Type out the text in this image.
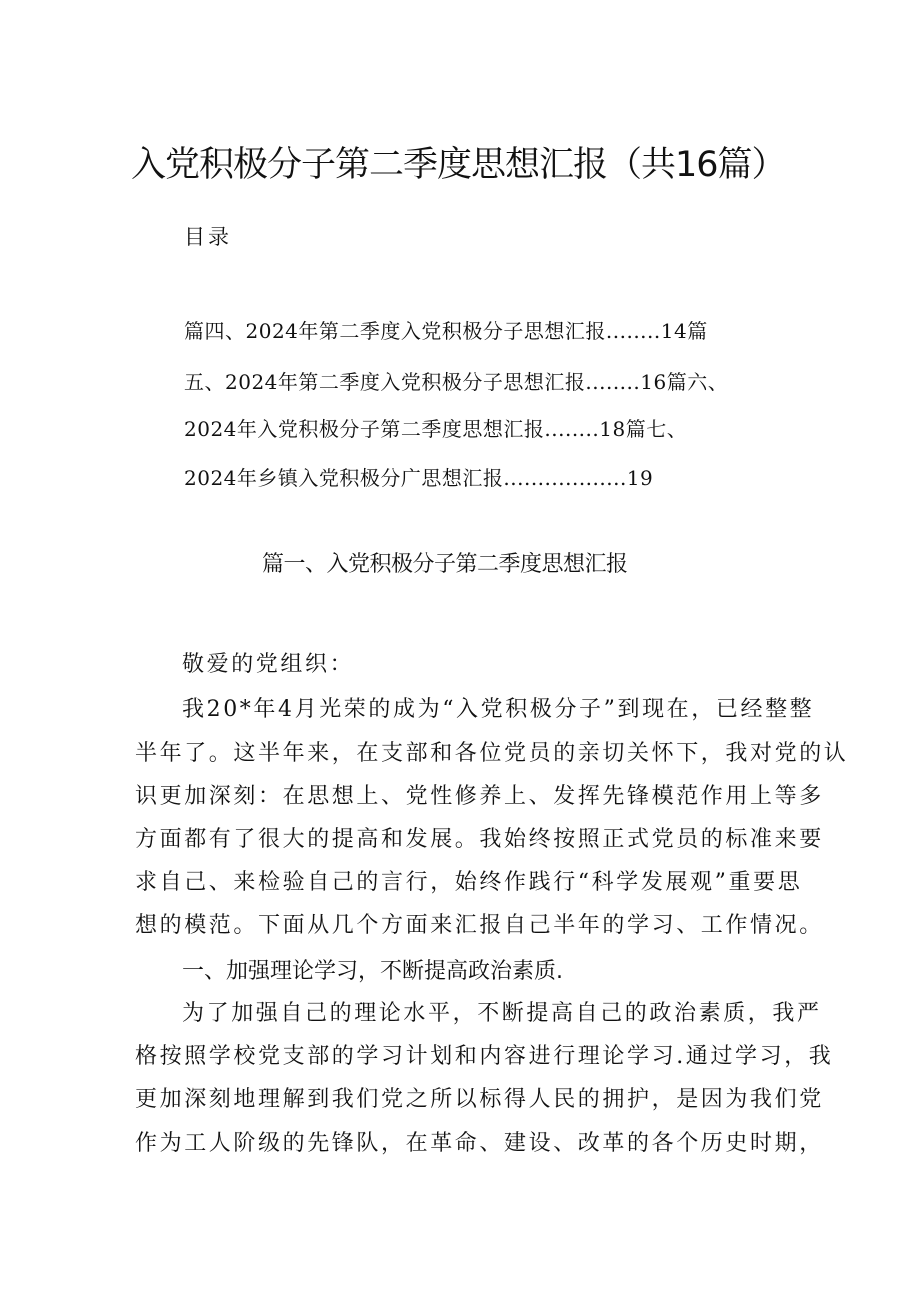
入党积极分子第二季度思想汇报（共16篇）
目录
篇四、2024年第二季度入党积极分子思想汇报........14篇
五、2024年第二季度入党积极分子思想汇报........16篇六、
2024年入党积极分子第二季度思想汇报........18篇七、
2024年乡镇入党积极分广思想汇报..................19
篇一、入党积极分子第二季度思想汇报
敬爱的党组织：
我20*年4月光荣的成为“入党积极分子”到现在，已经整整
半年了。这半年来，在支部和各位党员的亲切关怀下，我对党的认
识更加深刻：在思想上、党性修养上、发挥先锋模范作用上等多
方面都有了很大的提高和发展。我始终按照正式党员的标准来要
求自己、来检验自己的言行，始终作践行“科学发展观”重要思
想的模范。下面从几个方面来汇报自己半年的学习、工作情况。
一、加强理论学习，不断提高政治素质.
为了加强自己的理论水平，不断提高自己的政治素质，我严
格按照学校党支部的学习计划和内容进行理论学习.通过学习，我
更加深刻地理解到我们党之所以标得人民的拥护，是因为我们党
作为工人阶级的先锋队，在革命、建设、改革的各个历史时期，
